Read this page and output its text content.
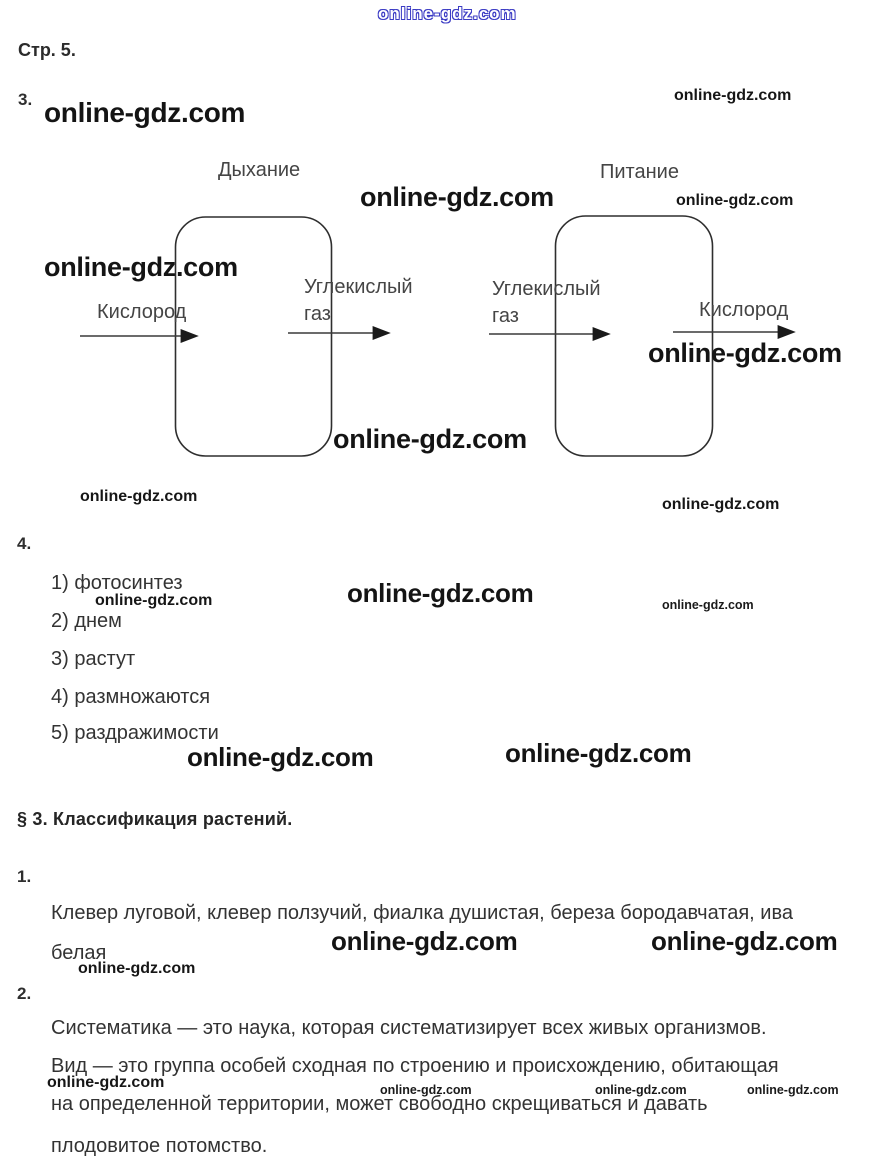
online-gdz.com
Стр. 5.
3. online-gdz.com
online-gdz.com
Дыхание	Питание
online-gdz.com	online-gdz.com
online-gdz.com
Кислород
Углекислый
газ
Углекислый
газ	Кислород
online-gdz.com
online-gdz.com
online-gdz.com	online-gdz.com
4.
1) фотосинтез
online-gdz.com	online-gdz.com	online-gdz.com
2) днем
3) растут
4) размножаются
5) раздражимости
online-gdz.com	online-gdz.com
§ 3. Классификация растений.
1.
Клевер луговой, клевер ползучий, фиалка душистая, береза бородавчатая, ива
online-gdz.com	online-gdz.com
белая
online-gdz.com
2.
Систематика — это наука, которая систематизирует всех живых организмов.
Вид — это группа особей сходная по строению и происхождению, обитающая
online-gdz.com	online-gdz.com	online-gdz.com	online-gdz.com
на определенной территории, может свободно скрещиваться и давать
плодовитое потомство.
